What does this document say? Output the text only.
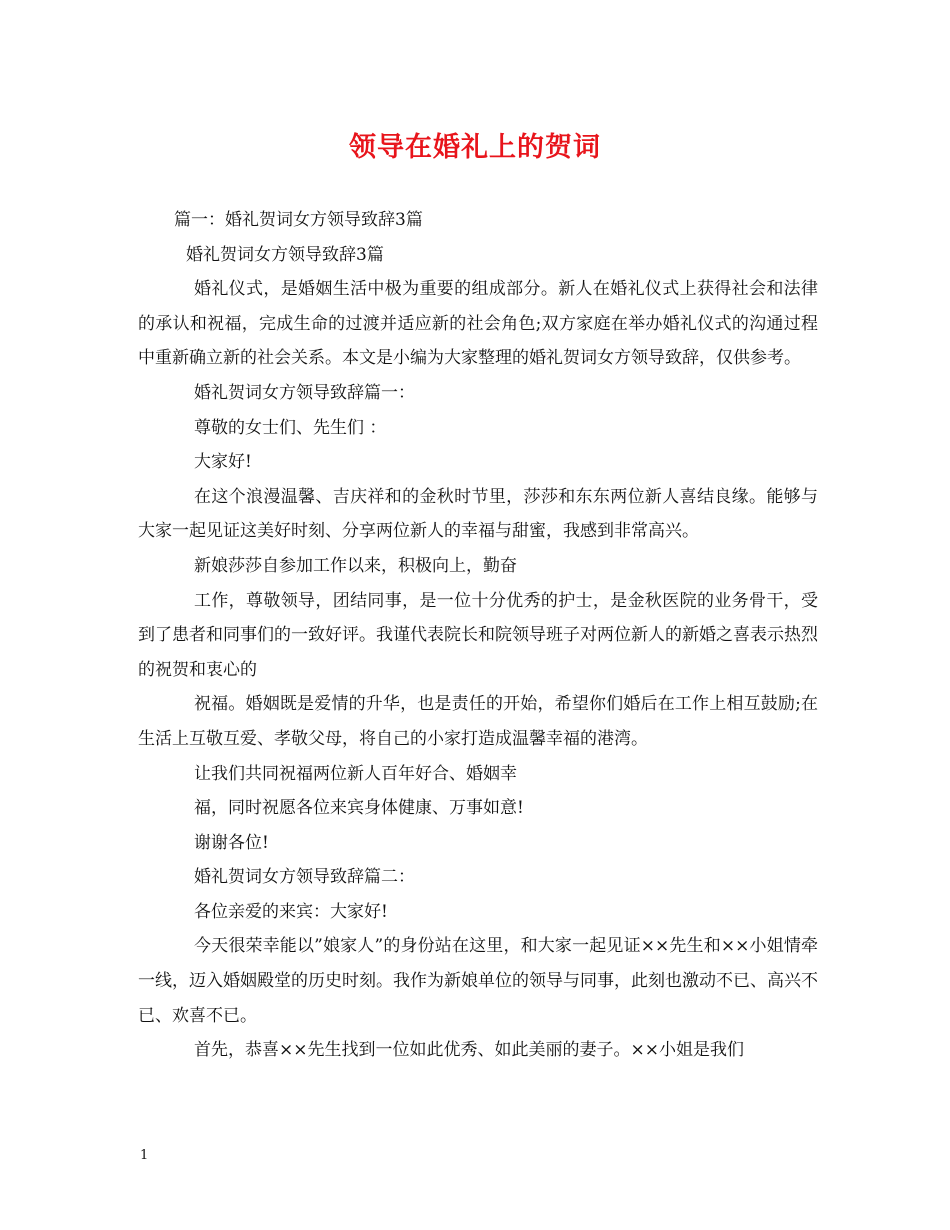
领导在婚礼上的贺词
篇一：婚礼贺词女方领导致辞3篇
婚礼贺词女方领导致辞3篇

婚礼仪式，是婚姻生活中极为重要的组成部分。新人在婚礼仪式上获得社会和法律的承认和祝福，完成生命的过渡并适应新的社会角色;双方家庭在举办婚礼仪式的沟通过程中重新确立新的社会关系。本文是小编为大家整理的婚礼贺词女方领导致辞，仅供参考。

婚礼贺词女方领导致辞篇一：
尊敬的女士们、先生们 ：
大家好!

在这个浪漫温馨、吉庆祥和的金秋时节里，莎莎和东东两位新人喜结良缘。能够与大家一起见证这美好时刻、分享两位新人的幸福与甜蜜，我感到非常高兴。

新娘莎莎自参加工作以来，积极向上，勤奋

工作，尊敬领导，团结同事，是一位十分优秀的护士，是金秋医院的业务骨干，受到了患者和同事们的一致好评。我谨代表院长和院领导班子对两位新人的新婚之喜表示热烈的祝贺和衷心的

祝福。婚姻既是爱情的升华，也是责任的开始，希望你们婚后在工作上相互鼓励;在生活上互敬互爱、孝敬父母，将自己的小家打造成温馨幸福的港湾。

让我们共同祝福两位新人百年好合、婚姻幸
福，同时祝愿各位来宾身体健康、万事如意!
谢谢各位!
婚礼贺词女方领导致辞篇二：
各位亲爱的来宾：大家好!

今天很荣幸能以”娘家人”的身份站在这里，和大家一起见证××先生和××小姐情牵一线，迈入婚姻殿堂的历史时刻。我作为新娘单位的领导与同事，此刻也激动不已、高兴不已、欢喜不已。

首先，恭喜××先生找到一位如此优秀、如此美丽的妻子。××小姐是我们
1
